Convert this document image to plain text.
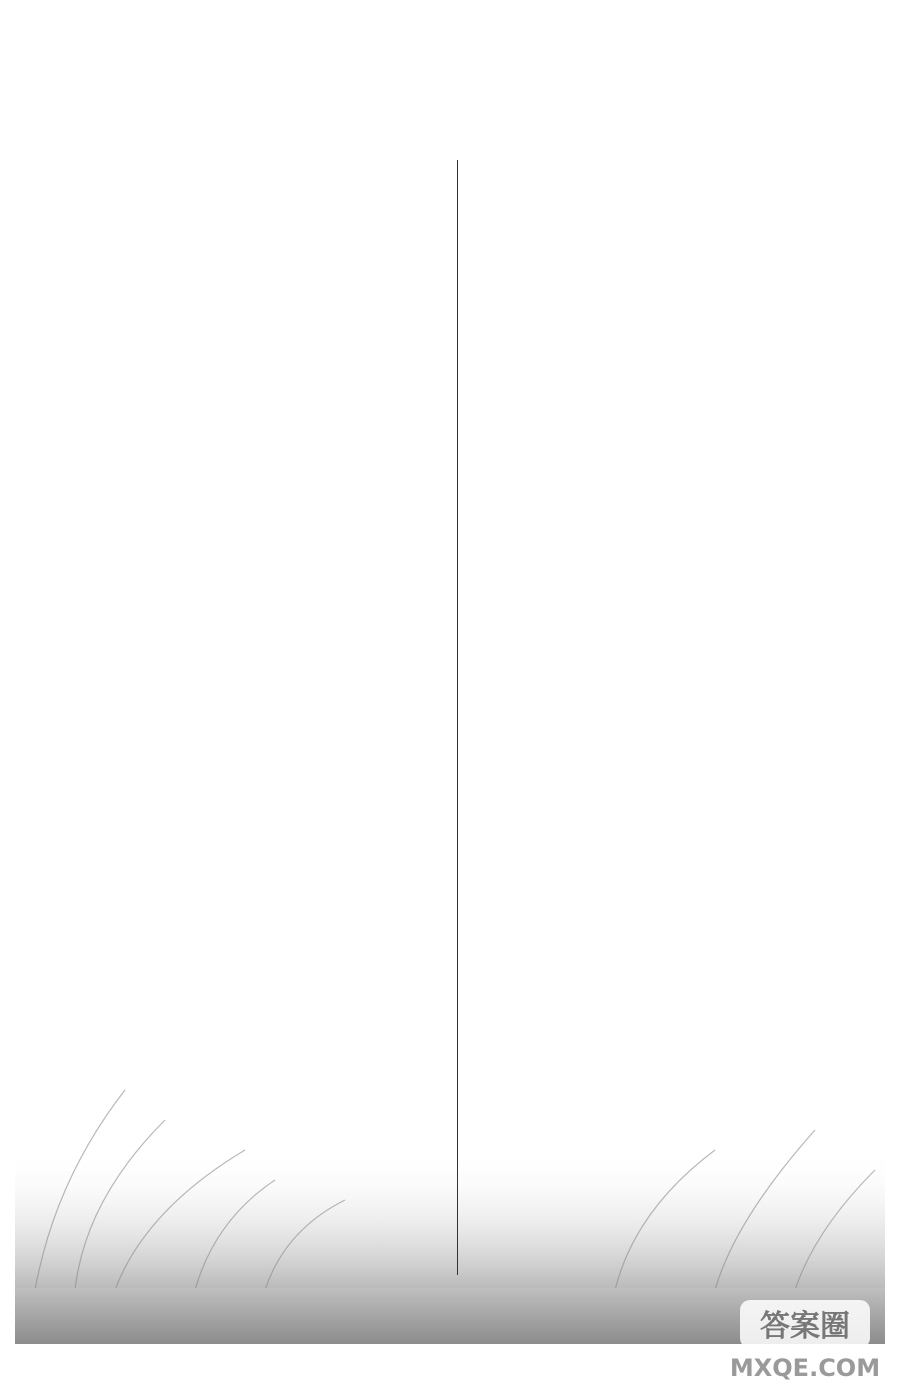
答案圈
MXQE.COM
